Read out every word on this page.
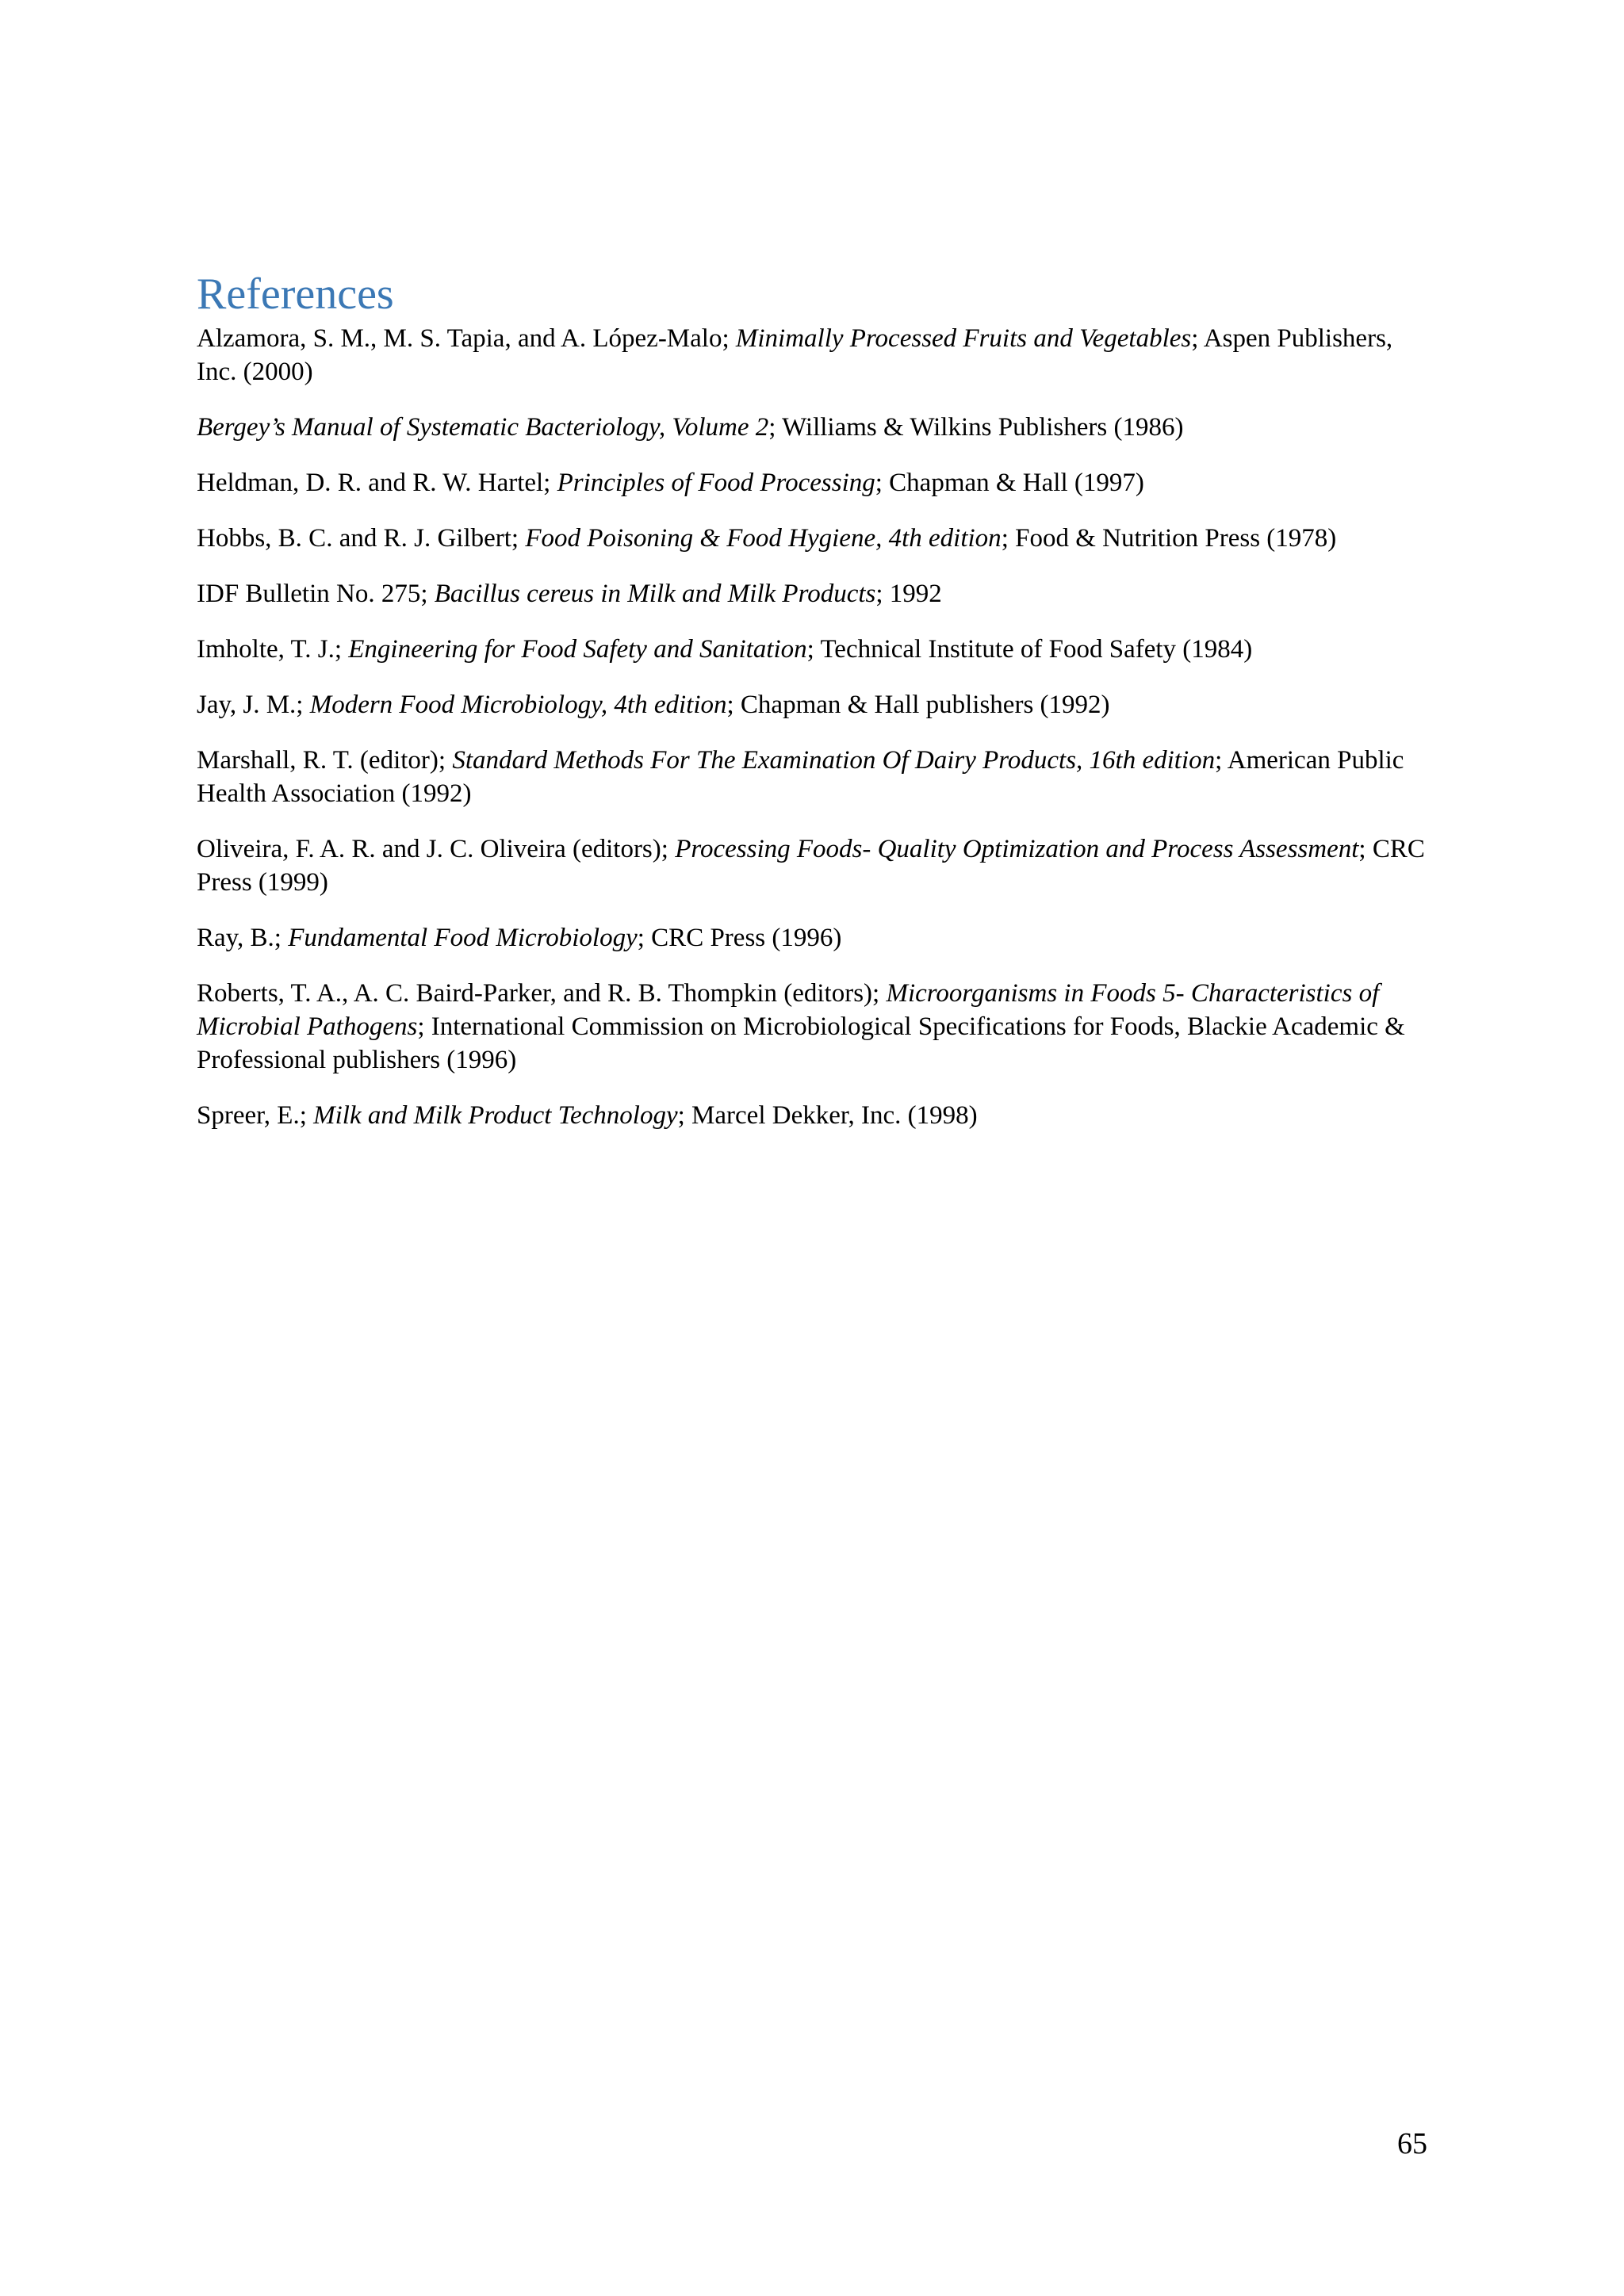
References

Alzamora, S. M., M. S. Tapia, and A. López-Malo; Minimally Processed Fruits and Vegetables; Aspen Publishers, Inc. (2000)

Bergey’s Manual of Systematic Bacteriology, Volume 2; Williams & Wilkins Publishers (1986)

Heldman, D. R. and R. W. Hartel; Principles of Food Processing; Chapman & Hall (1997)

Hobbs, B. C. and R. J. Gilbert; Food Poisoning & Food Hygiene, 4th edition; Food & Nutrition Press (1978)

IDF Bulletin No. 275; Bacillus cereus in Milk and Milk Products; 1992

Imholte, T. J.; Engineering for Food Safety and Sanitation; Technical Institute of Food Safety (1984)

Jay, J. M.; Modern Food Microbiology, 4th edition; Chapman & Hall publishers (1992)

Marshall, R. T. (editor); Standard Methods For The Examination Of Dairy Products, 16th edition; American Public Health Association (1992)

Oliveira, F. A. R. and J. C. Oliveira (editors); Processing Foods- Quality Optimization and Process Assessment; CRC Press (1999)

Ray, B.; Fundamental Food Microbiology; CRC Press (1996)

Roberts, T. A., A. C. Baird-Parker, and R. B. Thompkin (editors); Microorganisms in Foods 5- Characteristics of Microbial Pathogens; International Commission on Microbiological Specifications for Foods, Blackie Academic & Professional publishers (1996)

Spreer, E.; Milk and Milk Product Technology; Marcel Dekker, Inc. (1998)

65
